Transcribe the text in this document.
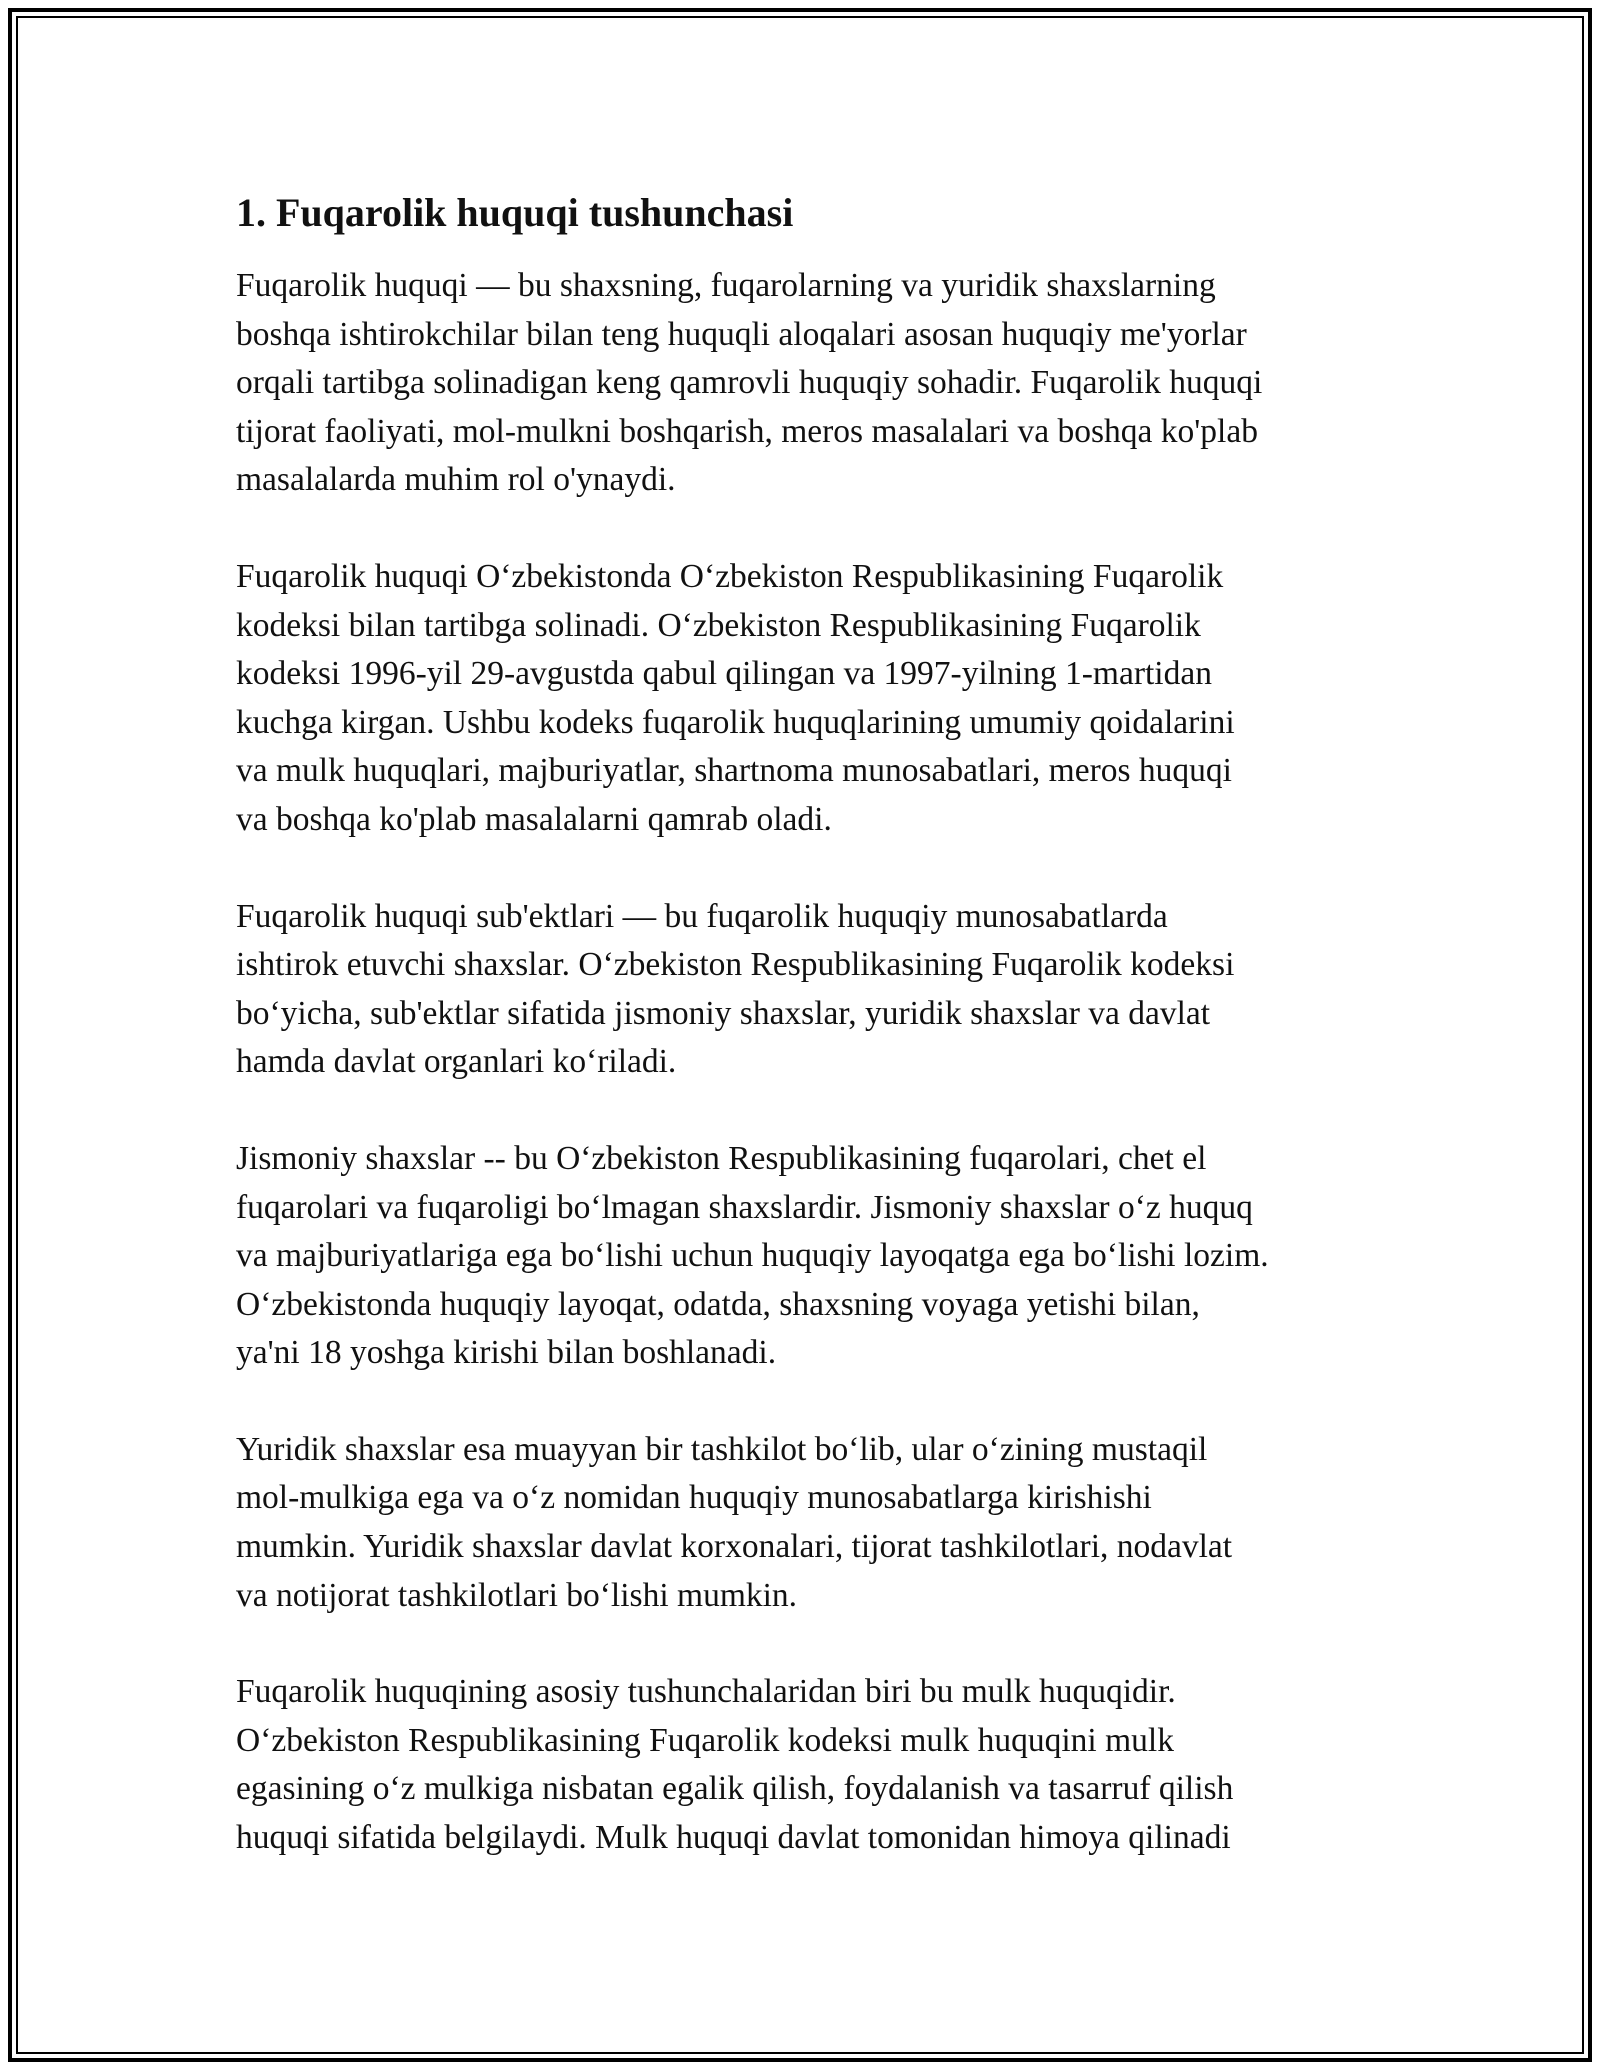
1. Fuqarolik huquqi tushunchasi
Fuqarolik huquqi — bu shaxsning, fuqarolarning va yuridik shaxslarning
boshqa ishtirokchilar bilan teng huquqli aloqalari asosan huquqiy me'yorlar
orqali tartibga solinadigan keng qamrovli huquqiy sohadir. Fuqarolik huquqi
tijorat faoliyati, mol-mulkni boshqarish, meros masalalari va boshqa ko'plab
masalalarda muhim rol o'ynaydi.
Fuqarolik huquqi O‘zbekistonda O‘zbekiston Respublikasining Fuqarolik
kodeksi bilan tartibga solinadi. O‘zbekiston Respublikasining Fuqarolik
kodeksi 1996-yil 29-avgustda qabul qilingan va 1997-yilning 1-martidan
kuchga kirgan. Ushbu kodeks fuqarolik huquqlarining umumiy qoidalarini
va mulk huquqlari, majburiyatlar, shartnoma munosabatlari, meros huquqi
va boshqa ko'plab masalalarni qamrab oladi.
Fuqarolik huquqi sub'ektlari — bu fuqarolik huquqiy munosabatlarda
ishtirok etuvchi shaxslar. O‘zbekiston Respublikasining Fuqarolik kodeksi
bo‘yicha, sub'ektlar sifatida jismoniy shaxslar, yuridik shaxslar va davlat
hamda davlat organlari ko‘riladi.
Jismoniy shaxslar -- bu O‘zbekiston Respublikasining fuqarolari, chet el
fuqarolari va fuqaroligi bo‘lmagan shaxslardir. Jismoniy shaxslar o‘z huquq
va majburiyatlariga ega bo‘lishi uchun huquqiy layoqatga ega bo‘lishi lozim.
O‘zbekistonda huquqiy layoqat, odatda, shaxsning voyaga yetishi bilan,
ya'ni 18 yoshga kirishi bilan boshlanadi.
Yuridik shaxslar esa muayyan bir tashkilot bo‘lib, ular o‘zining mustaqil
mol-mulkiga ega va o‘z nomidan huquqiy munosabatlarga kirishishi
mumkin. Yuridik shaxslar davlat korxonalari, tijorat tashkilotlari, nodavlat
va notijorat tashkilotlari bo‘lishi mumkin.
Fuqarolik huquqining asosiy tushunchalaridan biri bu mulk huquqidir.
O‘zbekiston Respublikasining Fuqarolik kodeksi mulk huquqini mulk
egasining o‘z mulkiga nisbatan egalik qilish, foydalanish va tasarruf qilish
huquqi sifatida belgilaydi. Mulk huquqi davlat tomonidan himoya qilinadi
